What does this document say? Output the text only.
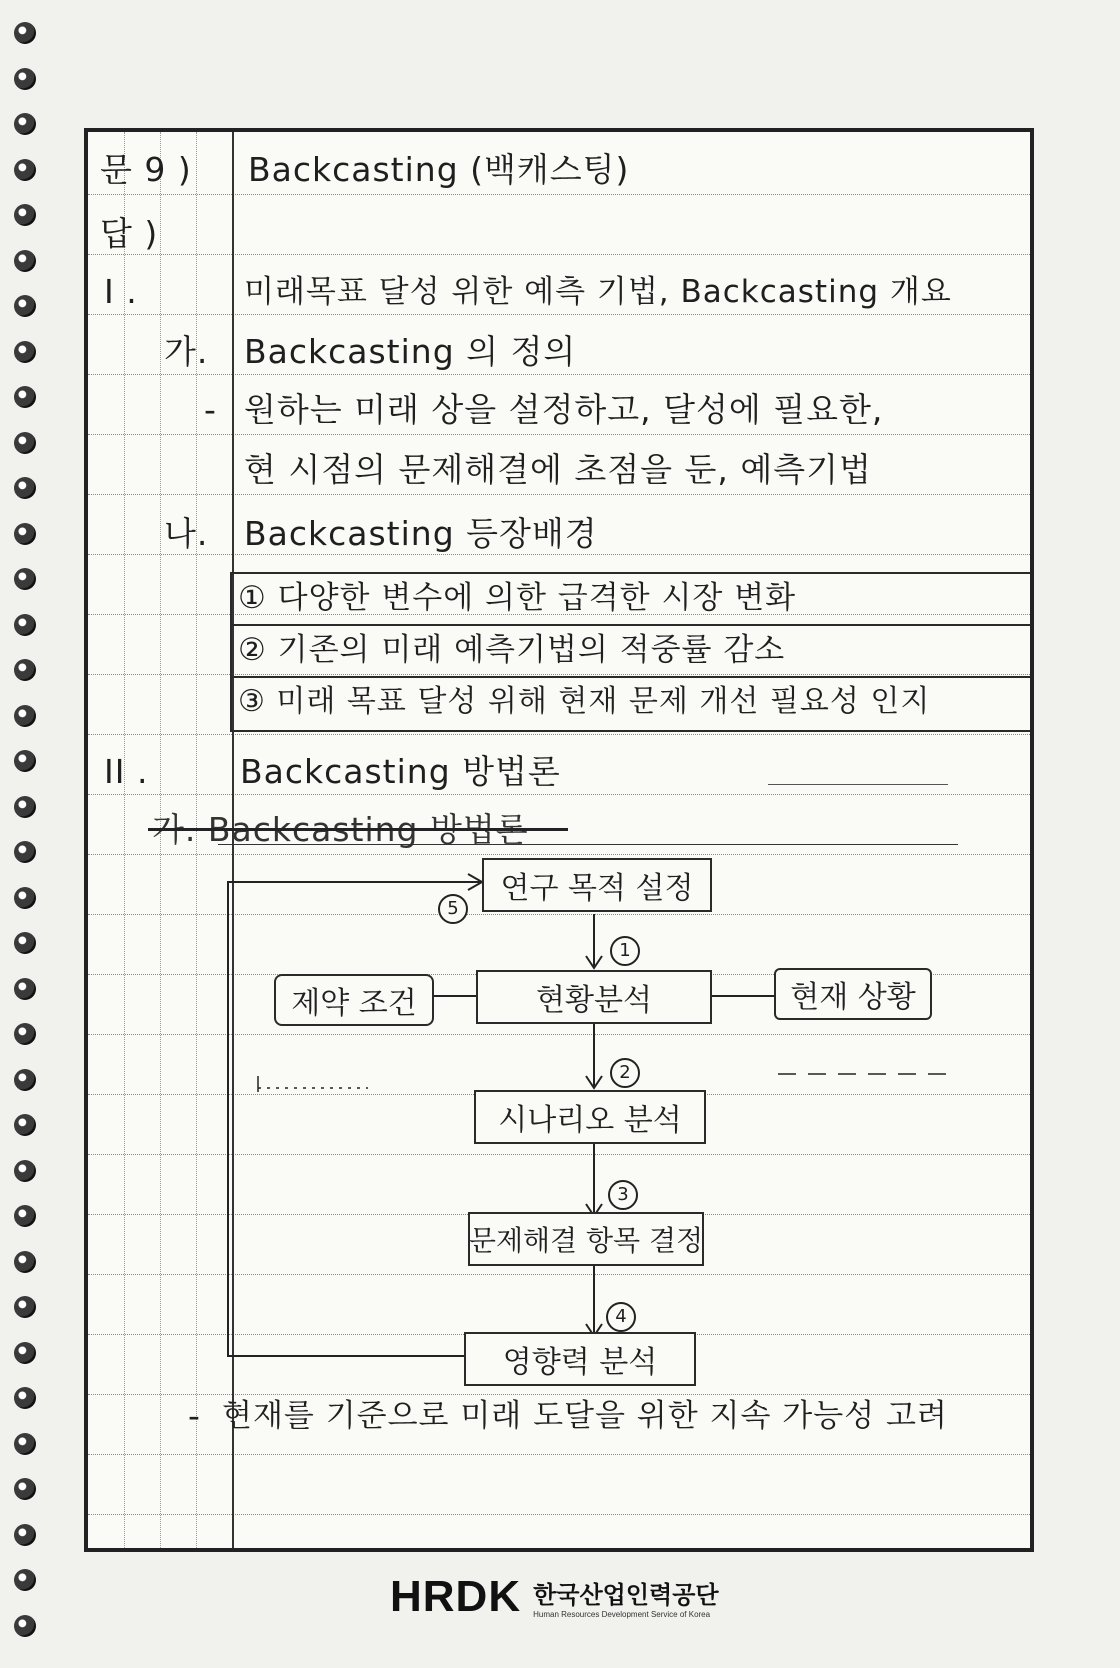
문 9 ) Backcasting (백캐스팅)
답 )
I .	미래목표 달성 위한 예측 기법, Backcasting 개요
가. Backcasting 의 정의
- 원하는 미래 상을 설정하고, 달성에 필요한,
현 시점의 문제해결에 초점을 둔, 예측기법
나. Backcasting 등장배경
① 다양한 변수에 의한 급격한 시장 변화
② 기존의 미래 예측기법의 적중률 감소
③ 미래 목표 달성 위해 현재 문제 개선 필요성 인지
II .	Backcasting 방법론
가. Backcasting 방법론
연구 목적 설정
현황분석
시나리오 분석
문제해결 항목 결정
영향력 분석
제약 조건	현재 상황
1
2
3
4
5
- 현재를 기준으로 미래 도달을 위한 지속 가능성 고려
HRDK 한국산업인력공단
Human Resources Development Service of Korea
